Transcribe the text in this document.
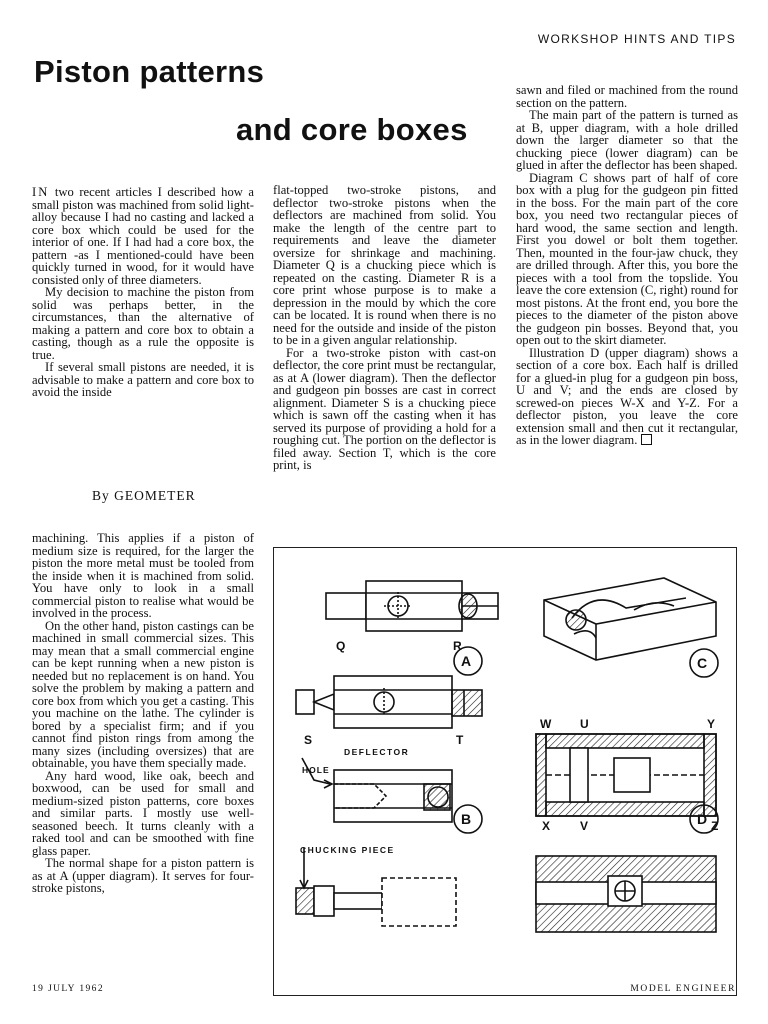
WORKSHOP HINTS AND TIPS
Piston patterns
and core boxes

IN two recent articles I described how a small piston was machined from solid light-alloy because I had no casting and lacked a core box which could be used for the interior of one. If I had had a core box, the pattern -as I mentioned-could have been quickly turned in wood, for it would have consisted only of three diameters.

My decision to machine the piston from solid was perhaps better, in the circumstances, than the alternative of making a pattern and core box to obtain a casting, though as a rule the opposite is true.

If several small pistons are needed, it is advisable to make a pattern and core box to avoid the inside

By GEOMETER

machining. This applies if a piston of medium size is required, for the larger the piston the more metal must be tooled from the inside when it is machined from solid. You have only to look in a small commercial piston to realise what would be involved in the process.

On the other hand, piston castings can be machined in small commercial sizes. This may mean that a small commercial engine can be kept running when a new piston is needed but no replacement is on hand. You solve the problem by making a pattern and core box from which you get a casting. This you machine on the lathe. The cylinder is bored by a specialist firm; and if you cannot find piston rings from among the many sizes (including oversizes) that are obtainable, you have them specially made.

Any hard wood, like oak, beech and boxwood, can be used for small and medium-sized piston patterns, core boxes and similar parts. I mostly use well-seasoned beech. It turns cleanly with a raked tool and can be smoothed with fine glass paper.

The normal shape for a piston pattern is as at A (upper diagram). It serves for four-stroke pistons,

flat-topped two-stroke pistons, and deflector two-stroke pistons when the deflectors are machined from solid. You make the length of the centre part to requirements and leave the diameter oversize for shrinkage and machining. Diameter Q is a chucking piece which is repeated on the casting. Diameter R is a core print whose purpose is to make a depression in the mould by which the core can be located. It is round when there is no need for the outside and inside of the piston to be in a given angular relationship.

For a two-stroke piston with cast-on deflector, the core print must be rectangular, as at A (lower diagram). Then the deflector and gudgeon pin bosses are cast in correct alignment. Diameter S is a chucking piece which is sawn off the casting when it has served its purpose of providing a hold for a roughing cut. The portion on the deflector is filed away. Section T, which is the core print, is

sawn and filed or machined from the round section on the pattern.

The main part of the pattern is turned as at B, upper diagram, with a hole drilled down the larger diameter so that the chucking piece (lower diagram) can be glued in after the deflector has been shaped.

Diagram C shows part of half of core box with a plug for the gudgeon pin fitted in the boss. For the main part of the core box, you need two rectangular pieces of hard wood, the same section and length. First you dowel or bolt them together. Then, mounted in the four-jaw chuck, they are drilled through. After this, you bore the pieces with a tool from the topslide. You leave the core extension (C, right) round for most pistons. At the front end, you bore the pieces to the diameter of the piston above the gudgeon pin bosses. Beyond that, you open out to the skirt diameter.

Illustration D (upper diagram) shows a section of a core box. Each half is drilled for a glued-in plug for a gudgeon pin boss, U and V; and the ends are closed by screwed-on pieces W-X and Y-Z. For a deflector piston, you leave the core extension small and then cut it rectangular, as in the lower diagram.

Q	R
A
S	T
DEFLECTOR
HOLE
B
CHUCKING PIECE
C
W U	Y
X V	Z
D
19 JULY 1962	MODEL ENGINEER
